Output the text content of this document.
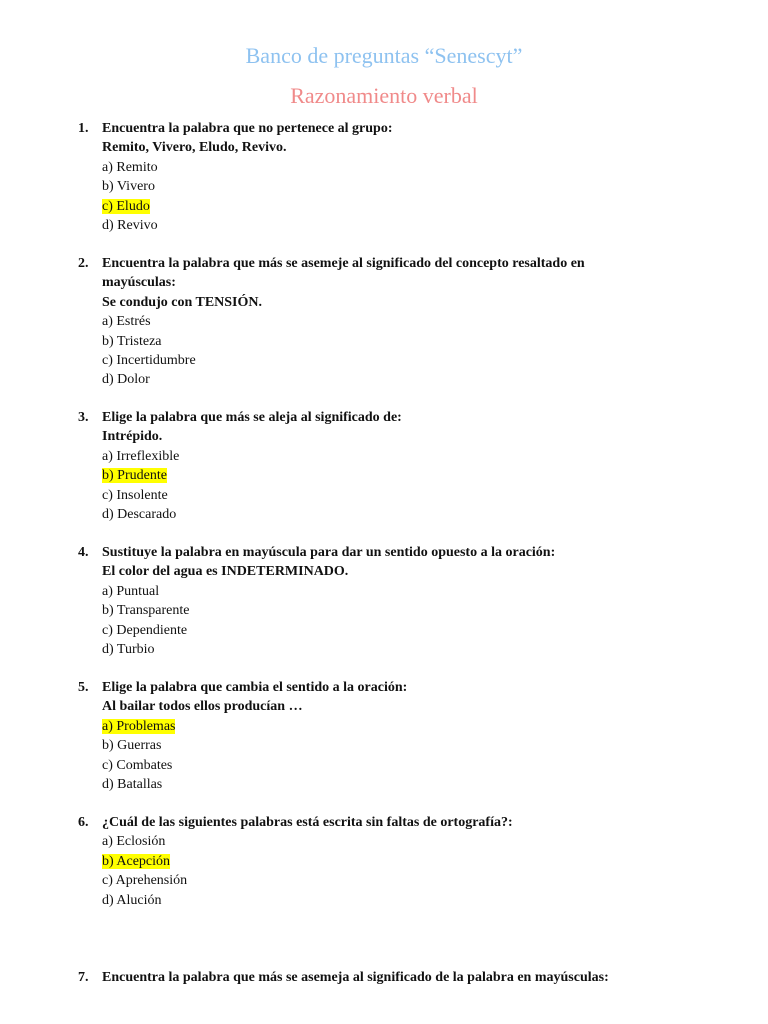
Banco de preguntas “Senescyt”
Razonamiento verbal
1. Encuentra la palabra que no pertenece al grupo:
Remito, Vivero, Eludo, Revivo.
a) Remito
b) Vivero
c) Eludo
d) Revivo
2. Encuentra la palabra que más se asemeje al significado del concepto resaltado en mayúsculas:
Se condujo con TENSIÓN.
a) Estrés
b) Tristeza
c) Incertidumbre
d) Dolor
3. Elige la palabra que más se aleja al significado de:
Intrépido.
a) Irreflexible
b) Prudente
c) Insolente
d) Descarado
4. Sustituye la palabra en mayúscula para dar un sentido opuesto a la oración:
El color del agua es INDETERMINADO.
a) Puntual
b) Transparente
c) Dependiente
d) Turbio
5. Elige la palabra que cambia el sentido a la oración:
Al bailar todos ellos producían …
a) Problemas
b) Guerras
c) Combates
d) Batallas
6. ¿Cuál de las siguientes palabras está escrita sin faltas de ortografía?:
a) Eclosión
b) Acepción
c) Aprehensión
d) Alución
7. Encuentra la palabra que más se asemeja al significado de la palabra en mayúsculas:
